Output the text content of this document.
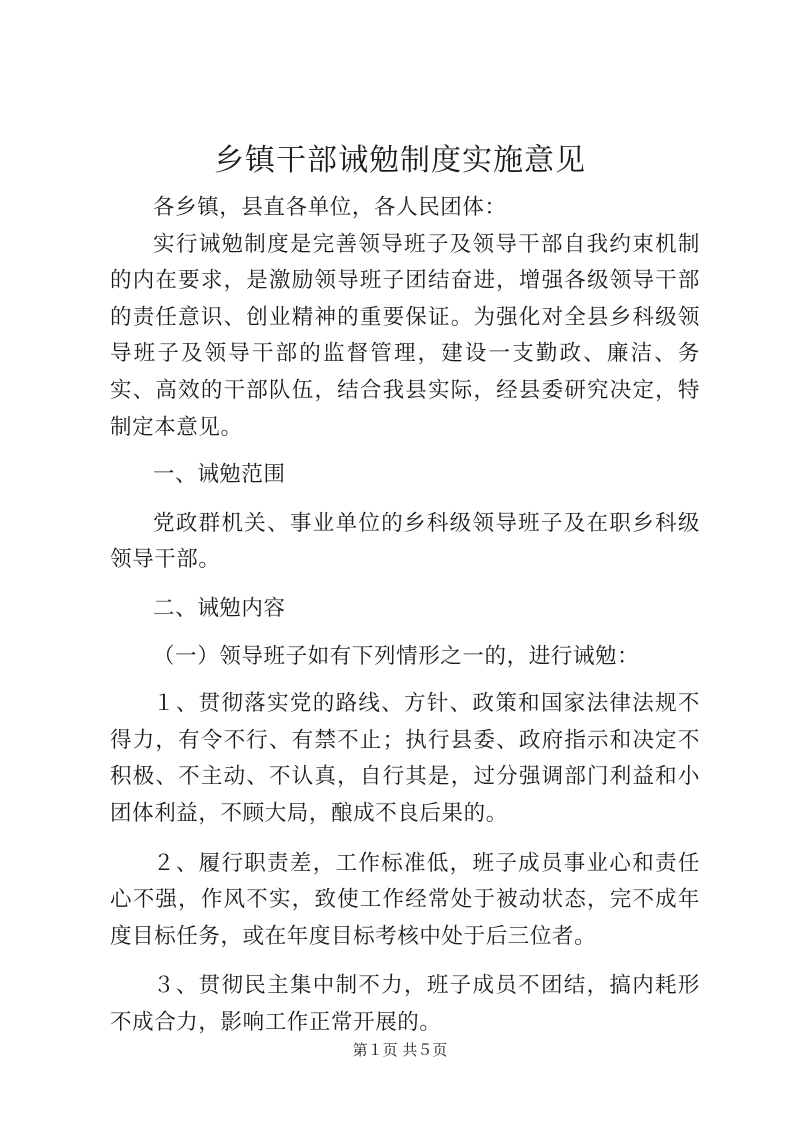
乡镇干部诫勉制度实施意见

各乡镇，县直各单位，各人民团体：

实行诫勉制度是完善领导班子及领导干部自我约束机制的内在要求，是激励领导班子团结奋进，增强各级领导干部的责任意识、创业精神的重要保证。为强化对全县乡科级领导班子及领导干部的监督管理，建设一支勤政、廉洁、务实、高效的干部队伍，结合我县实际，经县委研究决定，特制定本意见。

一、诫勉范围

党政群机关、事业单位的乡科级领导班子及在职乡科级领导干部。

二、诫勉内容

（一）领导班子如有下列情形之一的，进行诫勉：

１、贯彻落实党的路线、方针、政策和国家法律法规不得力，有令不行、有禁不止；执行县委、政府指示和决定不积极、不主动、不认真，自行其是，过分强调部门利益和小团体利益，不顾大局，酿成不良后果的。

２、履行职责差，工作标准低，班子成员事业心和责任心不强，作风不实，致使工作经常处于被动状态，完不成年度目标任务，或在年度目标考核中处于后三位者。

３、贯彻民主集中制不力，班子成员不团结，搞内耗形不成合力，影响工作正常开展的。

第１页 共５页
